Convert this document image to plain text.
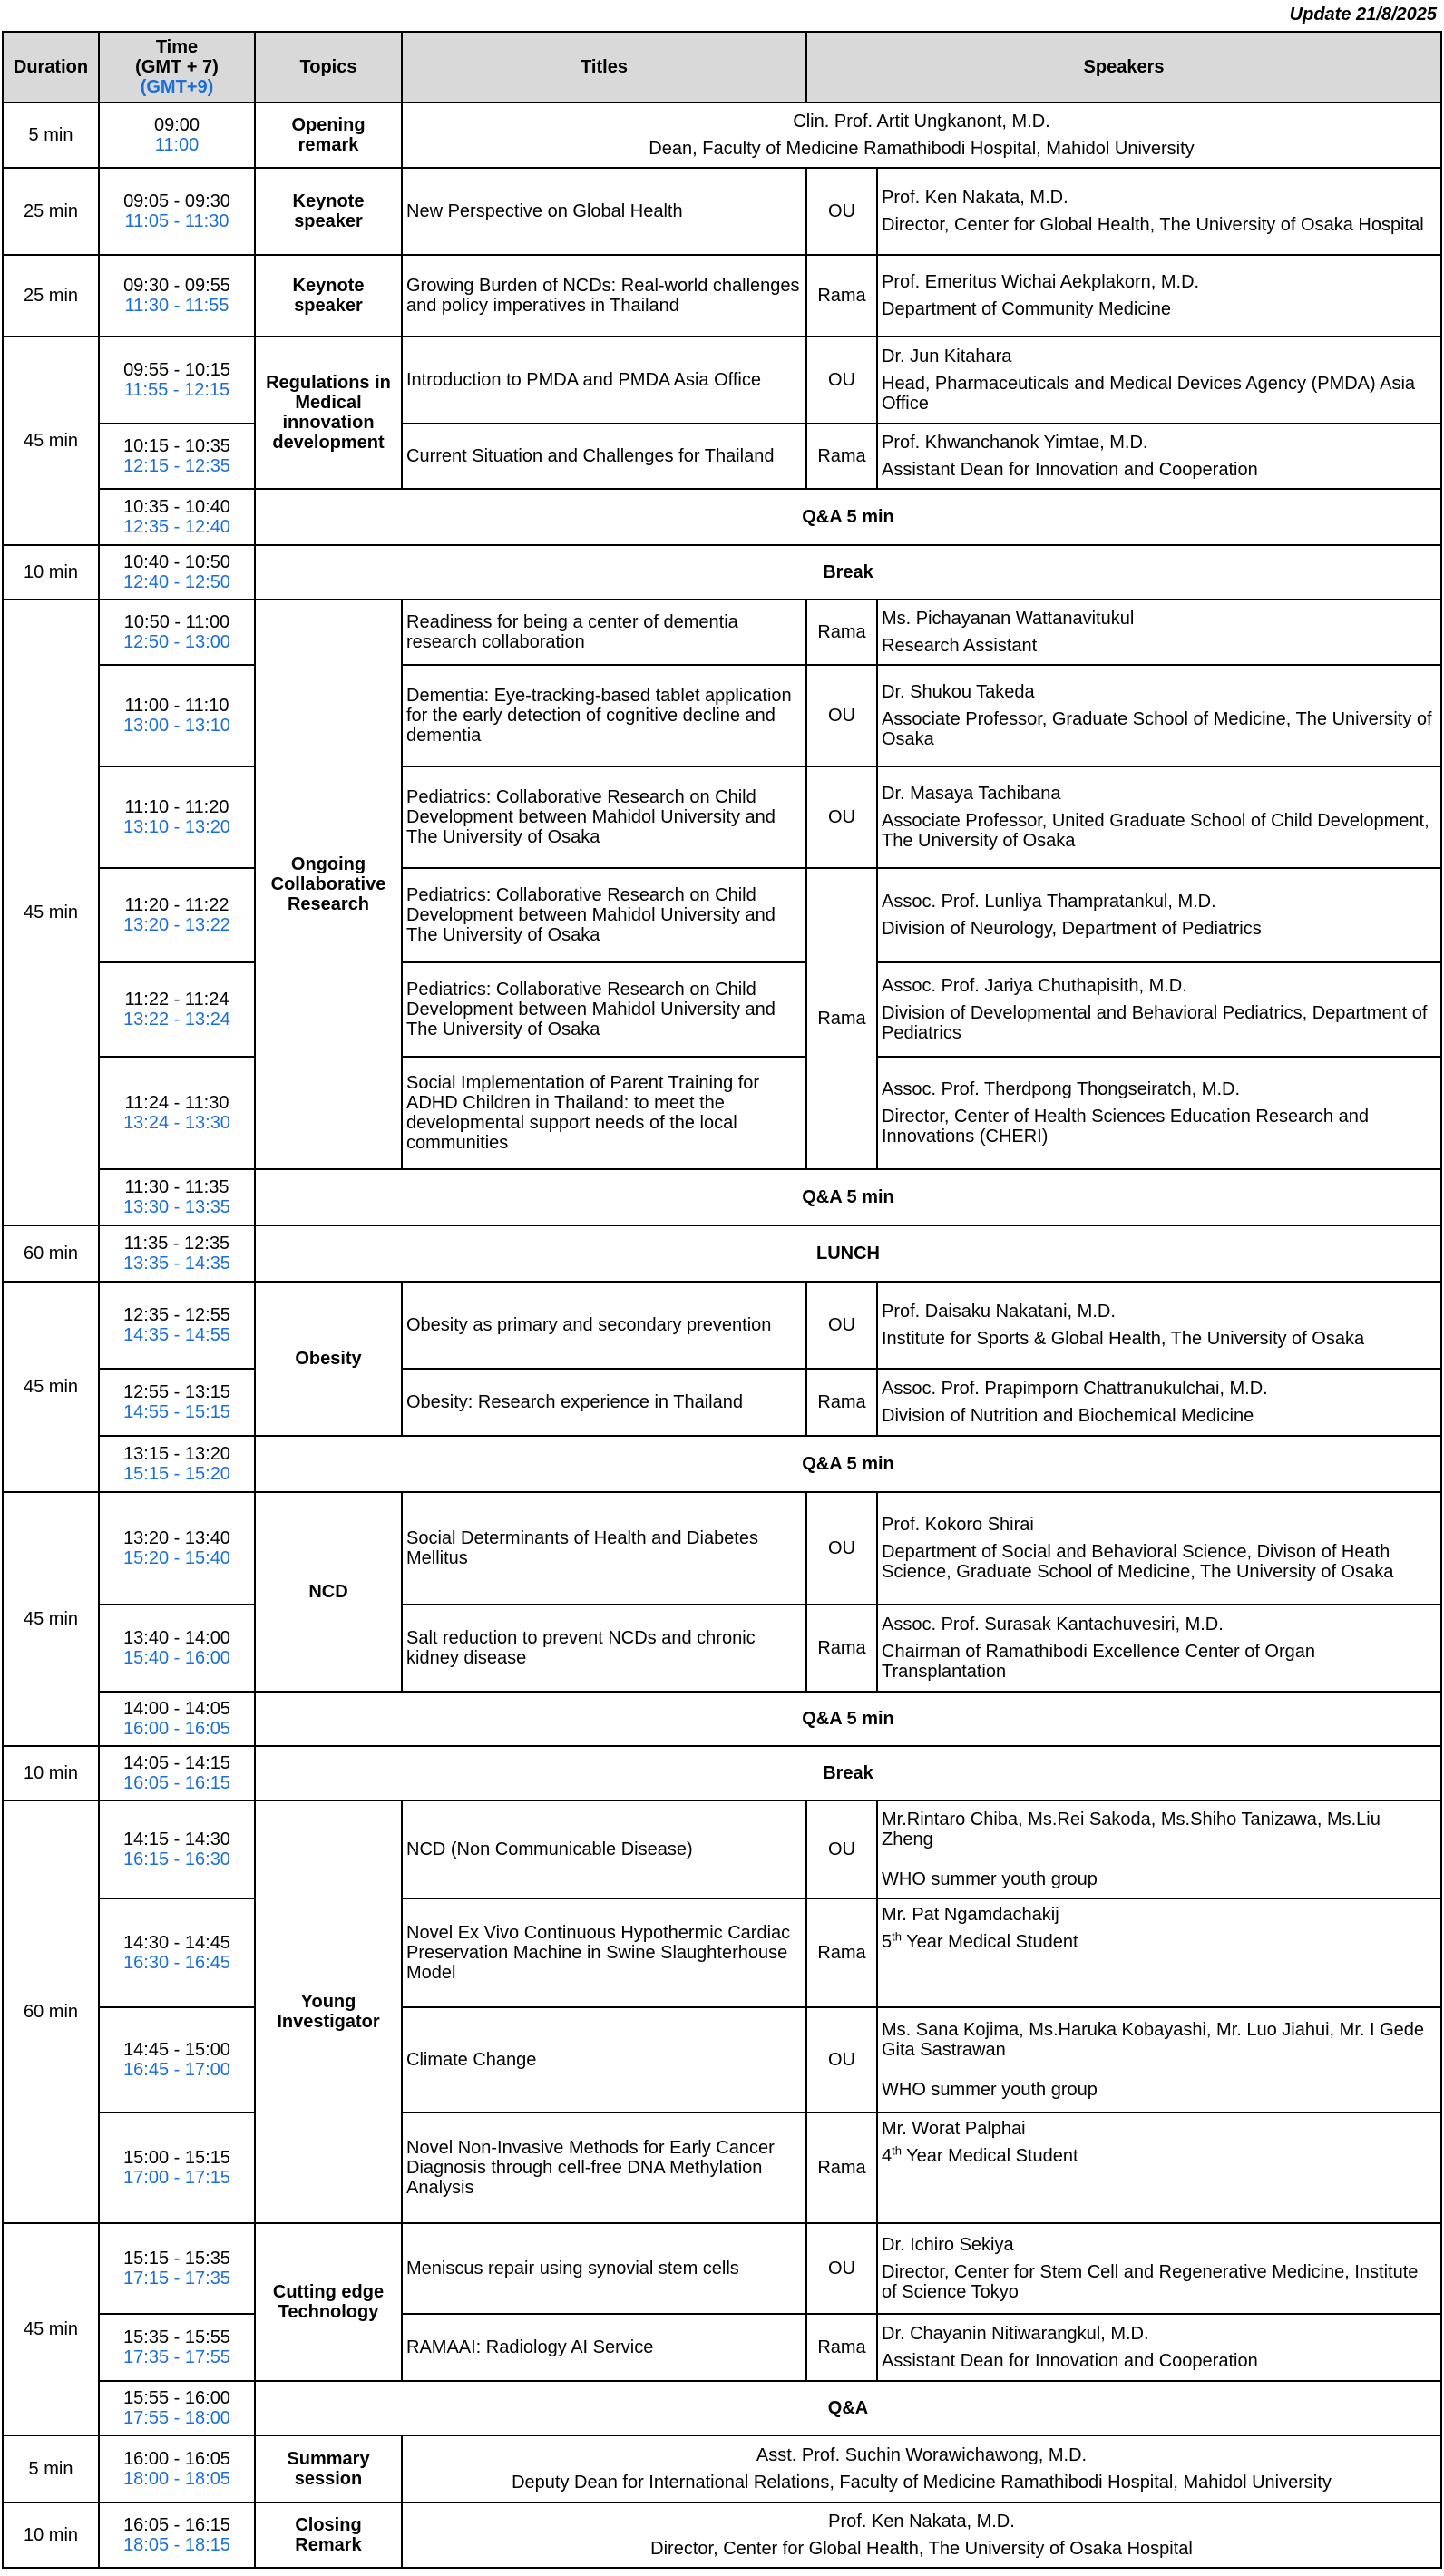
Update 21/8/2025
Duration	Time
(GMT + 7)
(GMT+9)	Topics	Titles	Speakers	
5 min	09:00
11:00	Opening remark	Clin. Prof. Artit Ungkanont, M.D.
Dean, Faculty of Medicine Ramathibodi Hospital, Mahidol University		

25 min	09:05 - 09:30
11:05 - 11:30	Keynote speaker	New Perspective on Global Health	OU	Prof. Ken Nakata, M.D.
Director, Center for Global Health, The University of Osaka Hospital

25 min	09:30 - 09:55
11:30 - 11:55	Keynote speaker	Growing Burden of NCDs: Real-world challenges and policy imperatives in Thailand	Rama	Prof. Emeritus Wichai Aekplakorn, M.D.
Department of Community Medicine

45 min	09:55 - 10:15
11:55 - 12:15	Regulations in Medical innovation development	Introduction to PMDA and PMDA Asia Office	OU	Dr. Jun Kitahara
Head, Pharmaceuticals and Medical Devices Agency (PMDA) Asia Office

	10:15 - 10:35
12:15 - 12:35		Current Situation and Challenges for Thailand	Rama	Prof. Khwanchanok Yimtae, M.D.
Assistant Dean for Innovation and Cooperation

	10:35 - 10:40
12:35 - 12:40	Q&A 5 min			
10 min	10:40 - 10:50
12:40 - 12:50	Break			
45 min	10:50 - 11:00
12:50 - 13:00	Ongoing Collaborative Research	Readiness for being a center of dementia research collaboration	Rama	Ms. Pichayanan Wattanavitukul
Research Assistant

	11:00 - 11:10
13:00 - 13:10		Dementia: Eye-tracking-based tablet application for the early detection of cognitive decline and dementia	OU	Dr. Shukou Takeda
Associate Professor, Graduate School of Medicine, The University of Osaka

	11:10 - 11:20
13:10 - 13:20		Pediatrics: Collaborative Research on Child Development between Mahidol University and The University of Osaka	OU	Dr. Masaya Tachibana
Associate Professor, United Graduate School of Child Development, The University of Osaka

	11:20 - 11:22
13:20 - 13:22		Pediatrics: Collaborative Research on Child Development between Mahidol University and The University of Osaka	Rama	Assoc. Prof. Lunliya Thampratankul, M.D.
Division of Neurology, Department of Pediatrics

	11:22 - 11:24
13:22 - 13:24		Pediatrics: Collaborative Research on Child Development between Mahidol University and The University of Osaka		Assoc. Prof. Jariya Chuthapisith, M.D.
Division of Developmental and Behavioral Pediatrics, Department of Pediatrics

	11:24 - 11:30
13:24 - 13:30		Social Implementation of Parent Training for ADHD Children in Thailand: to meet the developmental support needs of the local communities		Assoc. Prof. Therdpong Thongseiratch, M.D.
Director, Center of Health Sciences Education Research and Innovations (CHERI)

	11:30 - 11:35
13:30 - 13:35	Q&A 5 min			
60 min	11:35 - 12:35
13:35 - 14:35	LUNCH			
45 min	12:35 - 12:55
14:35 - 14:55	Obesity	Obesity as primary and secondary prevention	OU	Prof. Daisaku Nakatani, M.D.
Institute for Sports & Global Health, The University of Osaka

	12:55 - 13:15
14:55 - 15:15		Obesity: Research experience in Thailand	Rama	Assoc. Prof. Prapimporn Chattranukulchai, M.D.
Division of Nutrition and Biochemical Medicine

	13:15 - 13:20
15:15 - 15:20	Q&A 5 min			
45 min	13:20 - 13:40
15:20 - 15:40	NCD	Social Determinants of Health and Diabetes Mellitus	OU	Prof. Kokoro Shirai
Department of Social and Behavioral Science, Divison of Heath Science, Graduate School of Medicine, The University of Osaka

	13:40 - 14:00
15:40 - 16:00		Salt reduction to prevent NCDs and chronic kidney disease	Rama	Assoc. Prof. Surasak Kantachuvesiri, M.D.
Chairman of Ramathibodi Excellence Center of Organ Transplantation

	14:00 - 14:05
16:00 - 16:05	Q&A 5 min			
10 min	14:05 - 14:15
16:05 - 16:15	Break			
60 min	14:15 - 14:30
16:15 - 16:30	Young Investigator	NCD (Non Communicable Disease)	OU	Mr.Rintaro Chiba, Ms.Rei Sakoda, Ms.Shiho Tanizawa, Ms.Liu Zheng
WHO summer youth group

	14:30 - 14:45
16:30 - 16:45		Novel Ex Vivo Continuous Hypothermic Cardiac Preservation Machine in Swine Slaughterhouse Model	Rama	Mr. Pat Ngamdachakij
5th Year Medical Student

	14:45 - 15:00
16:45 - 17:00		Climate Change	OU	Ms. Sana Kojima, Ms.Haruka Kobayashi, Mr. Luo Jiahui, Mr. I Gede Gita Sastrawan
WHO summer youth group

	15:00 - 15:15
17:00 - 17:15		Novel Non-Invasive Methods for Early Cancer Diagnosis through cell-free DNA Methylation Analysis	Rama	Mr. Worat Palphai
4th Year Medical Student

45 min	15:15 - 15:35
17:15 - 17:35	Cutting edge Technology	Meniscus repair using synovial stem cells	OU	Dr. Ichiro Sekiya
Director, Center for Stem Cell and Regenerative Medicine, Institute of Science Tokyo

	15:35 - 15:55
17:35 - 17:55		RAMAAI: Radiology AI Service	Rama	Dr. Chayanin Nitiwarangkul, M.D.
Assistant Dean for Innovation and Cooperation

	15:55 - 16:00
17:55 - 18:00	Q&A			
5 min	16:00 - 16:05
18:00 - 18:05	Summary session	Asst. Prof. Suchin Worawichawong, M.D.
Deputy Dean for International Relations, Faculty of Medicine Ramathibodi Hospital, Mahidol University		

10 min	16:05 - 16:15
18:05 - 18:15	Closing Remark	Prof. Ken Nakata, M.D.
Director, Center for Global Health, The University of Osaka Hospital		
